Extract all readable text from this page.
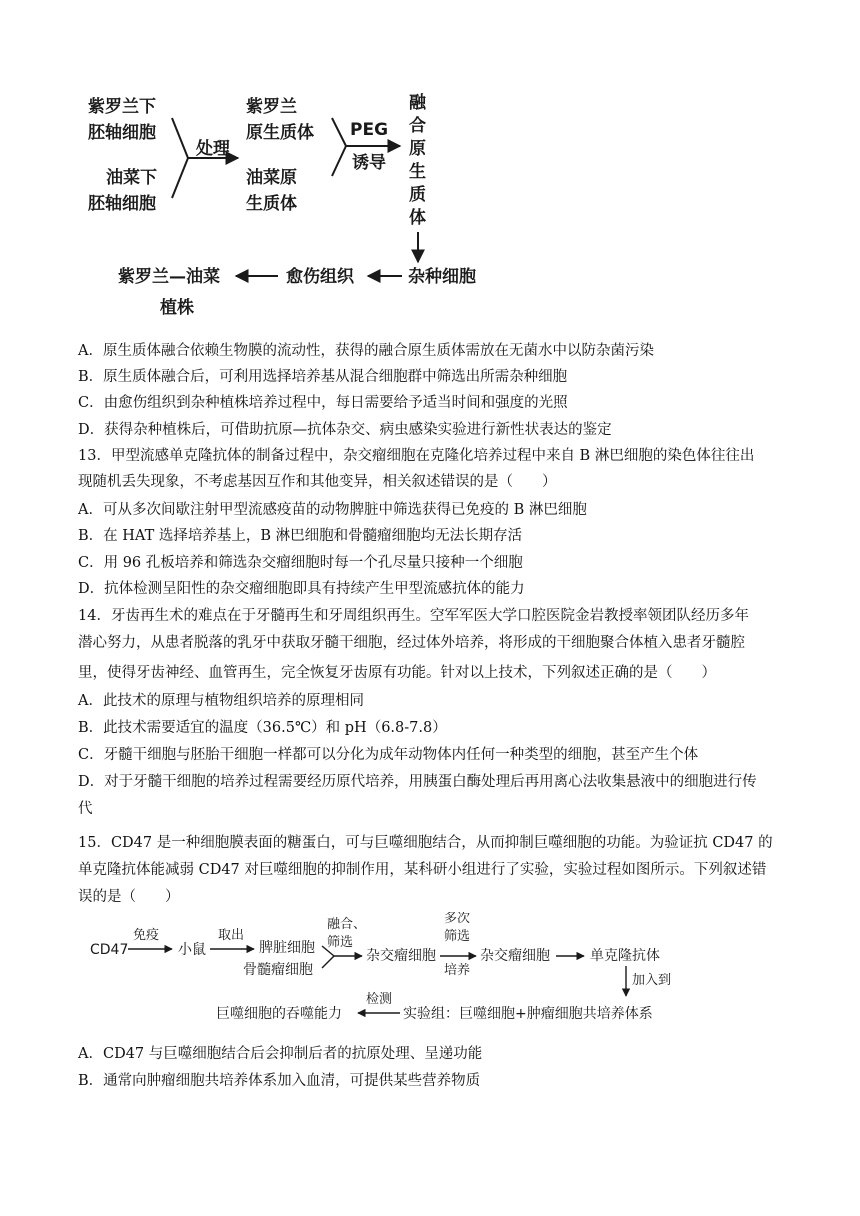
紫罗兰下
胚轴细胞
油菜下
胚轴细胞
处理
紫罗兰
原生质体
油菜原
生质体
PEG
诱导
融
合
原
生
质
体
杂种细胞
愈伤组织
紫罗兰—油菜
植株
A．原生质体融合依赖生物膜的流动性，获得的融合原生质体需放在无菌水中以防杂菌污染
B．原生质体融合后，可利用选择培养基从混合细胞群中筛选出所需杂种细胞
C．由愈伤组织到杂种植株培养过程中，每日需要给予适当时间和强度的光照
D．获得杂种植株后，可借助抗原—抗体杂交、病虫感染实验进行新性状表达的鉴定
13．甲型流感单克隆抗体的制备过程中，杂交瘤细胞在克隆化培养过程中来自 B 淋巴细胞的染色体往往出
现随机丢失现象，不考虑基因互作和其他变异，相关叙述错误的是（　　）
A．可从多次间歇注射甲型流感疫苗的动物脾脏中筛选获得已免疫的 B 淋巴细胞
B．在 HAT 选择培养基上，B 淋巴细胞和骨髓瘤细胞均无法长期存活
C．用 96 孔板培养和筛选杂交瘤细胞时每一个孔尽量只接种一个细胞
D．抗体检测呈阳性的杂交瘤细胞即具有持续产生甲型流感抗体的能力
14．牙齿再生术的难点在于牙髓再生和牙周组织再生。空军军医大学口腔医院金岩教授率领团队经历多年
潜心努力，从患者脱落的乳牙中获取牙髓干细胞，经过体外培养，将形成的干细胞聚合体植入患者牙髓腔
里，使得牙齿神经、血管再生，完全恢复牙齿原有功能。针对以上技术，下列叙述正确的是（　　）
A．此技术的原理与植物组织培养的原理相同
B．此技术需要适宜的温度（36.5℃）和 pH（6.8-7.8）
C．牙髓干细胞与胚胎干细胞一样都可以分化为成年动物体内任何一种类型的细胞，甚至产生个体
D．对于牙髓干细胞的培养过程需要经历原代培养，用胰蛋白酶处理后再用离心法收集悬液中的细胞进行传
代
15．CD47 是一种细胞膜表面的糖蛋白，可与巨噬细胞结合，从而抑制巨噬细胞的功能。为验证抗 CD47 的
单克隆抗体能减弱 CD47 对巨噬细胞的抑制作用，某科研小组进行了实验，实验过程如图所示。下列叙述错
误的是（　　）
CD47
免疫
小鼠
取出
脾脏细胞
骨髓瘤细胞
融合、
筛选
杂交瘤细胞
多次
筛选
培养
杂交瘤细胞	单克隆抗体
加入到
实验组：巨噬细胞+肿瘤细胞共培养体系
检测
巨噬细胞的吞噬能力
A．CD47 与巨噬细胞结合后会抑制后者的抗原处理、呈递功能
B．通常向肿瘤细胞共培养体系加入血清，可提供某些营养物质
